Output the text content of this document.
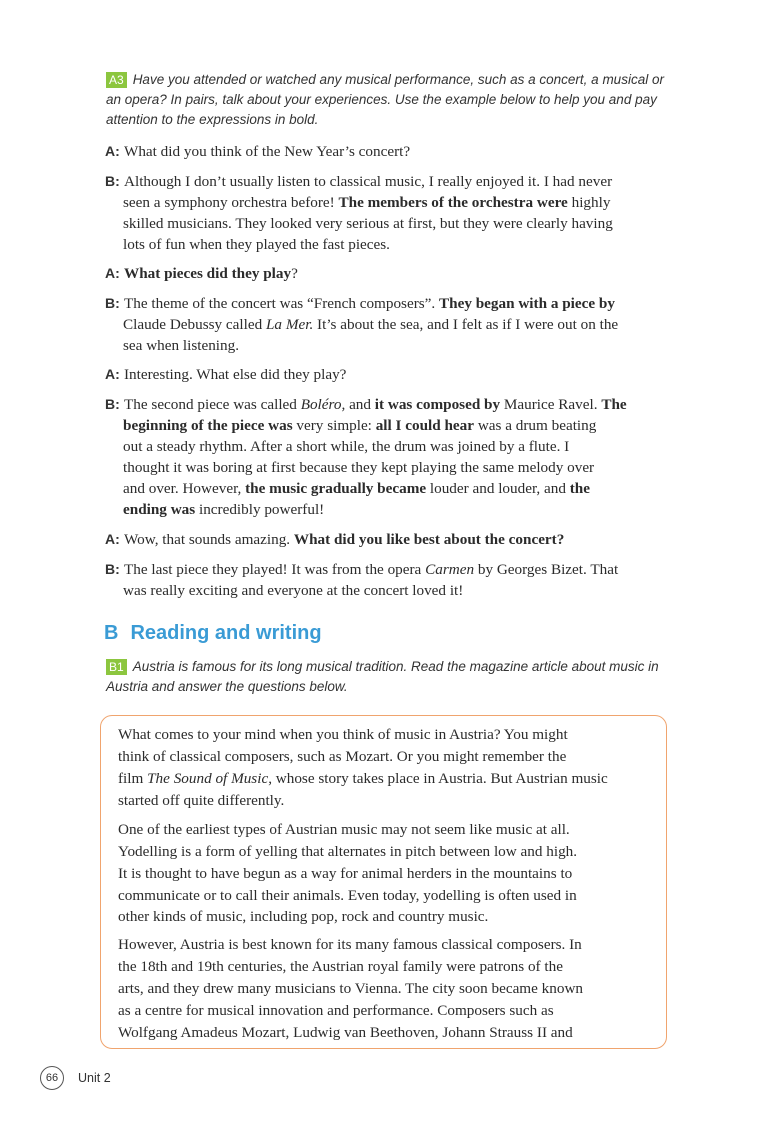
A3 Have you attended or watched any musical performance, such as a concert, a musical or
an opera? In pairs, talk about your experiences. Use the example below to help you and pay
attention to the expressions in bold.
A: What did you think of the New Year’s concert?
B: Although I don’t usually listen to classical music, I really enjoyed it. I had never
seen a symphony orchestra before! The members of the orchestra were highly
skilled musicians. They looked very serious at first, but they were clearly having
lots of fun when they played the fast pieces.
A: What pieces did they play?
B: The theme of the concert was “French composers”. They began with a piece by
Claude Debussy called La Mer. It’s about the sea, and I felt as if I were out on the
sea when listening.
A: Interesting. What else did they play?
B: The second piece was called Boléro, and it was composed by Maurice Ravel. The
beginning of the piece was very simple: all I could hear was a drum beating
out a steady rhythm. After a short while, the drum was joined by a flute. I
thought it was boring at first because they kept playing the same melody over
and over. However, the music gradually became louder and louder, and the
ending was incredibly powerful!
A: Wow, that sounds amazing. What did you like best about the concert?
B: The last piece they played! It was from the opera Carmen by Georges Bizet. That
was really exciting and everyone at the concert loved it!
B Reading and writing
B1 Austria is famous for its long musical tradition. Read the magazine article about music in
Austria and answer the questions below.
What comes to your mind when you think of music in Austria? You might
think of classical composers, such as Mozart. Or you might remember the
film The Sound of Music, whose story takes place in Austria. But Austrian music
started off quite differently.
One of the earliest types of Austrian music may not seem like music at all.
Yodelling is a form of yelling that alternates in pitch between low and high.
It is thought to have begun as a way for animal herders in the mountains to
communicate or to call their animals. Even today, yodelling is often used in
other kinds of music, including pop, rock and country music.
However, Austria is best known for its many famous classical composers. In
the 18th and 19th centuries, the Austrian royal family were patrons of the
arts, and they drew many musicians to Vienna. The city soon became known
as a centre for musical innovation and performance. Composers such as
Wolfgang Amadeus Mozart, Ludwig van Beethoven, Johann Strauss II and
66	Unit 2
